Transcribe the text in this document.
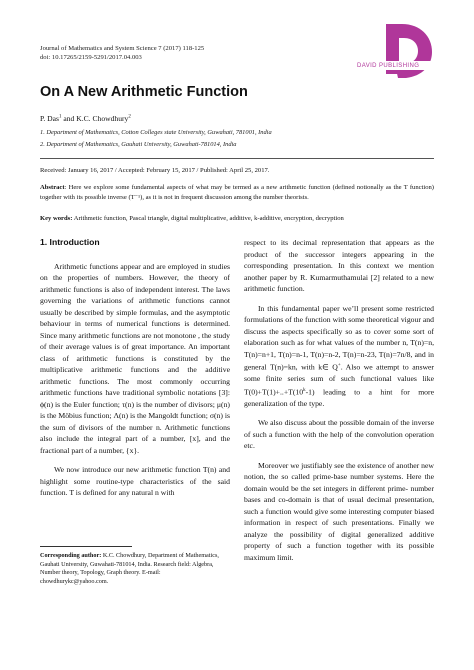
Journal of Mathematics and System Science 7 (2017) 118-125
doi: 10.17265/2159-5291/2017.04.003
DAVID PUBLISHING
On A New Arithmetic Function
P. Das$^1$ and K.C. Chowdhury$^2$
1. Department of Mathematics, Cotton Colleges state University, Guwahati, 781001, India
2. Department of Mathematics, Gauhati University, Guwahati-781014, India
Received: January 16, 2017 / Accepted: February 15, 2017 / Published: April 25, 2017.
Abstract: Here we explore some fundamental aspects of what may be termed as a new arithmetic function (defined notionally as the T function) together with its possible inverse (T⁻¹), as it is not in frequent discussion among the number theorists.
Key words: Arithmetic function, Pascal triangle, digital multiplicative, additive, k-additive, encryption, decryption
1. Introduction

Arithmetic functions appear and are employed in studies on the properties of numbers. However, the theory of arithmetic functions is also of independent interest. The laws governing the variations of arithmetic functions cannot usually be described by simple formulas, and the asymptotic behaviour in terms of numerical functions is determined. Since many arithmetic functions are not monotone , the study of their average values is of great importance. An important class of arithmetic functions is constituted by the multiplicative arithmetic functions and the additive arithmetic functions. The most commonly occurring arithmetic functions have traditional symbolic notations [3]: ϕ(n) is the Euler function; τ(n) is the number of divisors; μ(n) is the Möbius function; Λ(n) is the Mangoldt function; σ(n) is the sum of divisors of the number n. Arithmetic functions also include the integral part of a number, [x], and the fractional part of a number, {x}.

We now introduce our new arithmetic function T(n) and highlight some routine-type characteristics of the said function. T is defined for any natural n with

respect to its decimal representation that appears as the product of the successor integers appearing in the corresponding presentation. In this context we mention another paper by R. Kumarmuthamulai [2] related to a new arithmetic function.

In this fundamental paper we’ll present some restricted formulations of the function with some theoretical vigour and discuss the aspects specifically so as to cover some sort of elaboration such as for what values of the number n, T(n)=n, T(n)=n+1, T(n)=n-1, T(n)=n-2, T(n)=n-23, T(n)=7n/8, and in general T(n)=kn, with k∈ Q+. Also we attempt to answer some finite series sum of such functional values like $T(0)+T(1)+..+T(10^k-1)$ leading to a hint for more generalization of the type.

We also discuss about the possible domain of the inverse of such a function with the help of the convolution operation etc.

Moreover we justifiably see the existence of another new notion, the so called prime-base number systems. Here the domain would be the set integers in different prime- number bases and co-domain is that of usual decimal presentation, such a function would give some interesting computer biased information in respect of such presentations. Finally we analyze the possibility of digital generalized additive property of such a function together with its possible maximum limit.

Corresponding author: K.C. Chowdhury, Department of Mathematics, Gauhati University, Guwahati-781014, India. Research field: Algebra, Number theory, Topology, Graph theory. E-mail: chowdhurykc@yahoo.com.
